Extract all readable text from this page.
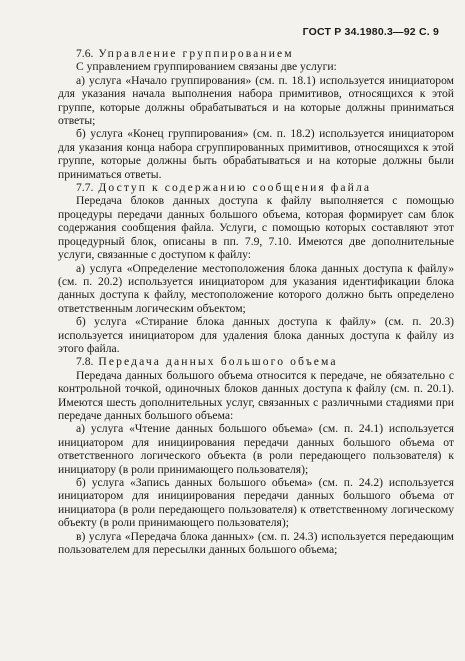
ГОСТ Р 34.1980.3—92 С. 9

7.6. Управление группированием

С управлением группированием связаны две услуги:

а) услуга «Начало группирования» (см. п. 18.1) используется инициатором для указания начала выполнения набора примитивов, относящихся к этой группе, которые должны обрабатываться и на которые должны приниматься ответы;

б) услуга «Конец группирования» (см. п. 18.2) используется инициатором для указания конца набора сгруппированных примитивов, относящихся к этой группе, которые должны быть обрабатываться и на которые должны были приниматься ответы.

7.7. Доступ к содержанию сообщения файла

Передача блоков данных доступа к файлу выполняется с помощью процедуры передачи данных большого объема, которая формирует сам блок содержания сообщения файла. Услуги, с помощью которых составляют этот процедурный блок, описаны в пп. 7.9, 7.10. Имеются две дополнительные услуги, связанные с доступом к файлу:

а) услуга «Определение местоположения блока данных доступа к файлу» (см. п. 20.2) используется инициатором для указания идентификации блока данных доступа к файлу, местоположение которого должно быть определено ответственным логическим объектом;

б) услуга «Стирание блока данных доступа к файлу» (см. п. 20.3) используется инициатором для удаления блока данных доступа к файлу из этого файла.

7.8. Передача данных большого объема

Передача данных большого объема относится к передаче, не обязательно с контрольной точкой, одиночных блоков данных доступа к файлу (см. п. 20.1). Имеются шесть дополнительных услуг, связанных с различными стадиями при передаче данных большого объема:

а) услуга «Чтение данных большого объема» (см. п. 24.1) используется инициатором для инициирования передачи данных большого объема от ответственного логического объекта (в роли передающего пользователя) к инициатору (в роли принимающего пользователя);

б) услуга «Запись данных большого объема» (см. п. 24.2) используется инициатором для инициирования передачи данных большого объема от инициатора (в роли передающего пользователя) к ответственному логическому объекту (в роли принимающего пользователя);

в) услуга «Передача блока данных» (см. п. 24.3) используется передающим пользователем для пересылки данных большого объема;
